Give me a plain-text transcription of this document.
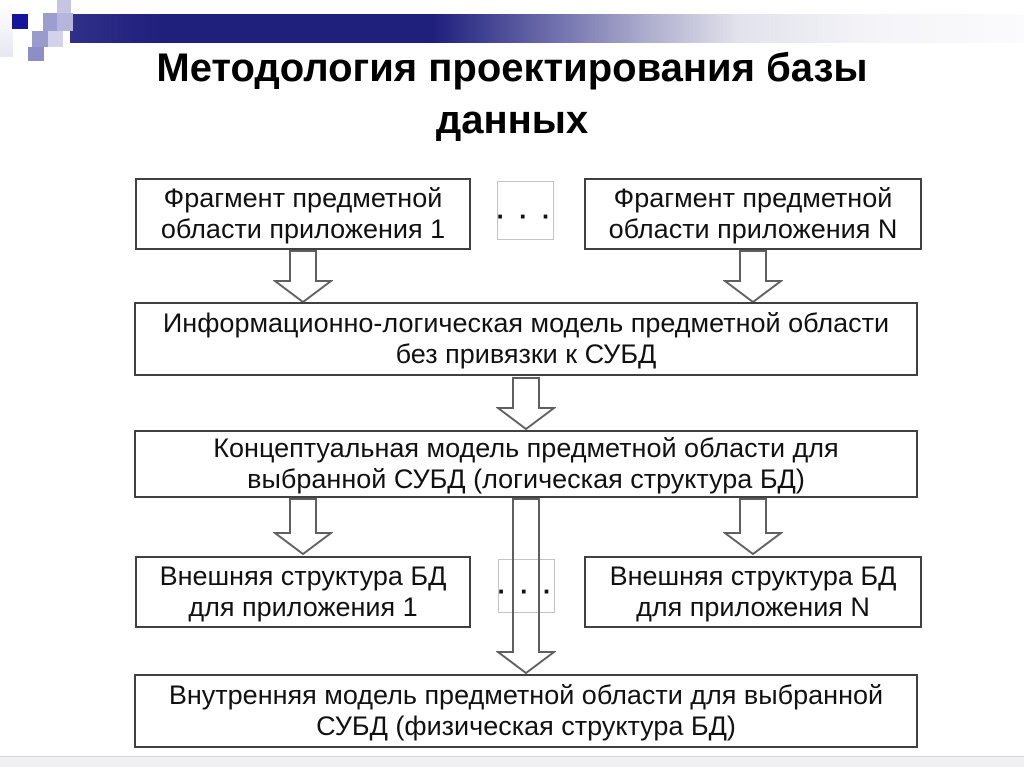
Методология проектирования базы
данных
Фрагмент предметной
области приложения 1	···
Фрагмент предметной
области приложения N
Информационно-логическая модель предметной области
без привязки к СУБД
Концептуальная модель предметной области для
выбранной СУБД (логическая структура БД)
Внешняя структура БД
для приложения 1
··· Внешняя структура БД
для приложения N
Внутренняя модель предметной области для выбранной
СУБД (физическая структура БД)
